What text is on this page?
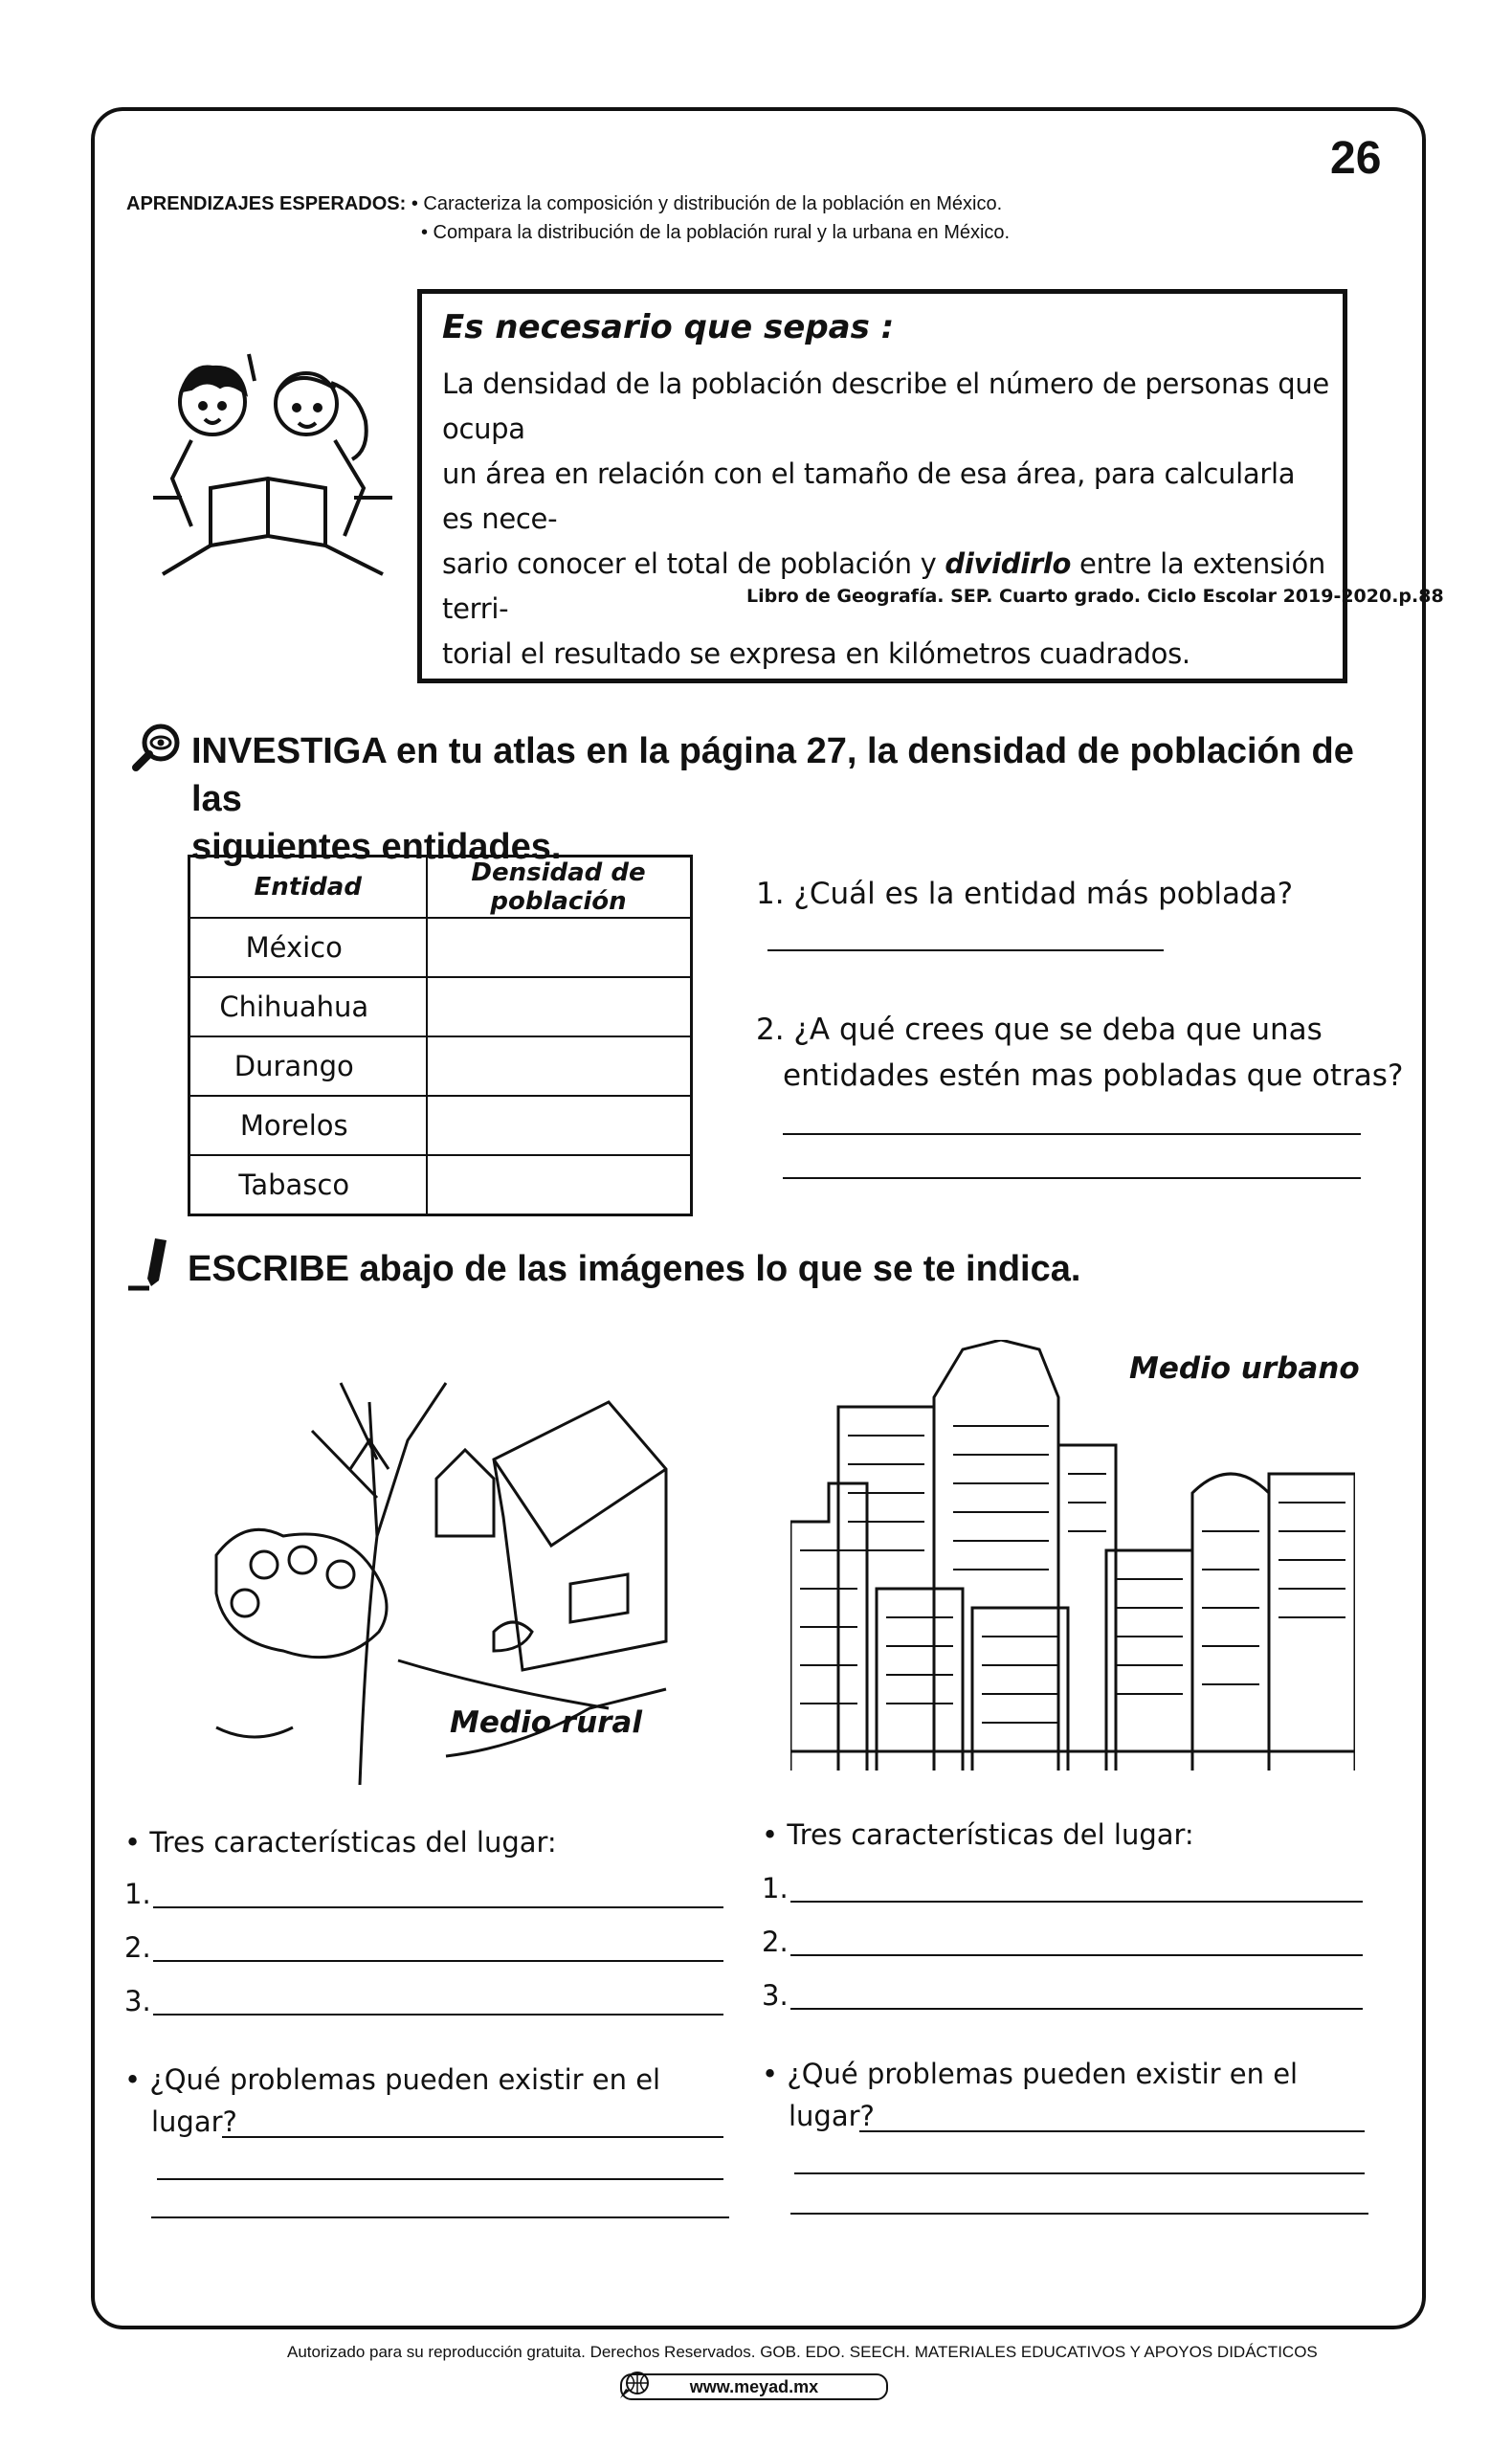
26
APRENDIZAJES ESPERADOS: • Caracteriza la composición y distribución de la población en México.
• Compara la distribución de la población rural y la urbana en México.
Es necesario que sepas :
La densidad de la población describe el número de personas que ocupa
un área en relación con el tamaño de esa área, para calcularla es nece-
sario conocer el total de población y dividirlo entre la extensión terri-
torial el resultado se expresa en kilómetros cuadrados.
Libro de Geografía. SEP. Cuarto grado. Ciclo Escolar 2019-2020.p.88
INVESTIGA en tu atlas en la página 27, la densidad de población de las
siguientes entidades.
Entidad	Densidad de población
México	
Chihuahua	
Durango	
Morelos	
Tabasco	
1. ¿Cuál es la entidad más poblada?
2. ¿A qué crees que se deba que unas
entidades estén mas pobladas que otras?
ESCRIBE abajo de las imágenes lo que se te indica.
Medio rural
Medio urbano
• Tres características del lugar:
1.
2.
3.
• ¿Qué problemas pueden existir en el
lugar?
• Tres características del lugar:
1.
2.
3.
• ¿Qué problemas pueden existir en el
lugar?
Autorizado para su reproducción gratuita. Derechos Reservados. GOB. EDO. SEECH. MATERIALES EDUCATIVOS Y APOYOS DIDÁCTICOS
www.meyad.mx
